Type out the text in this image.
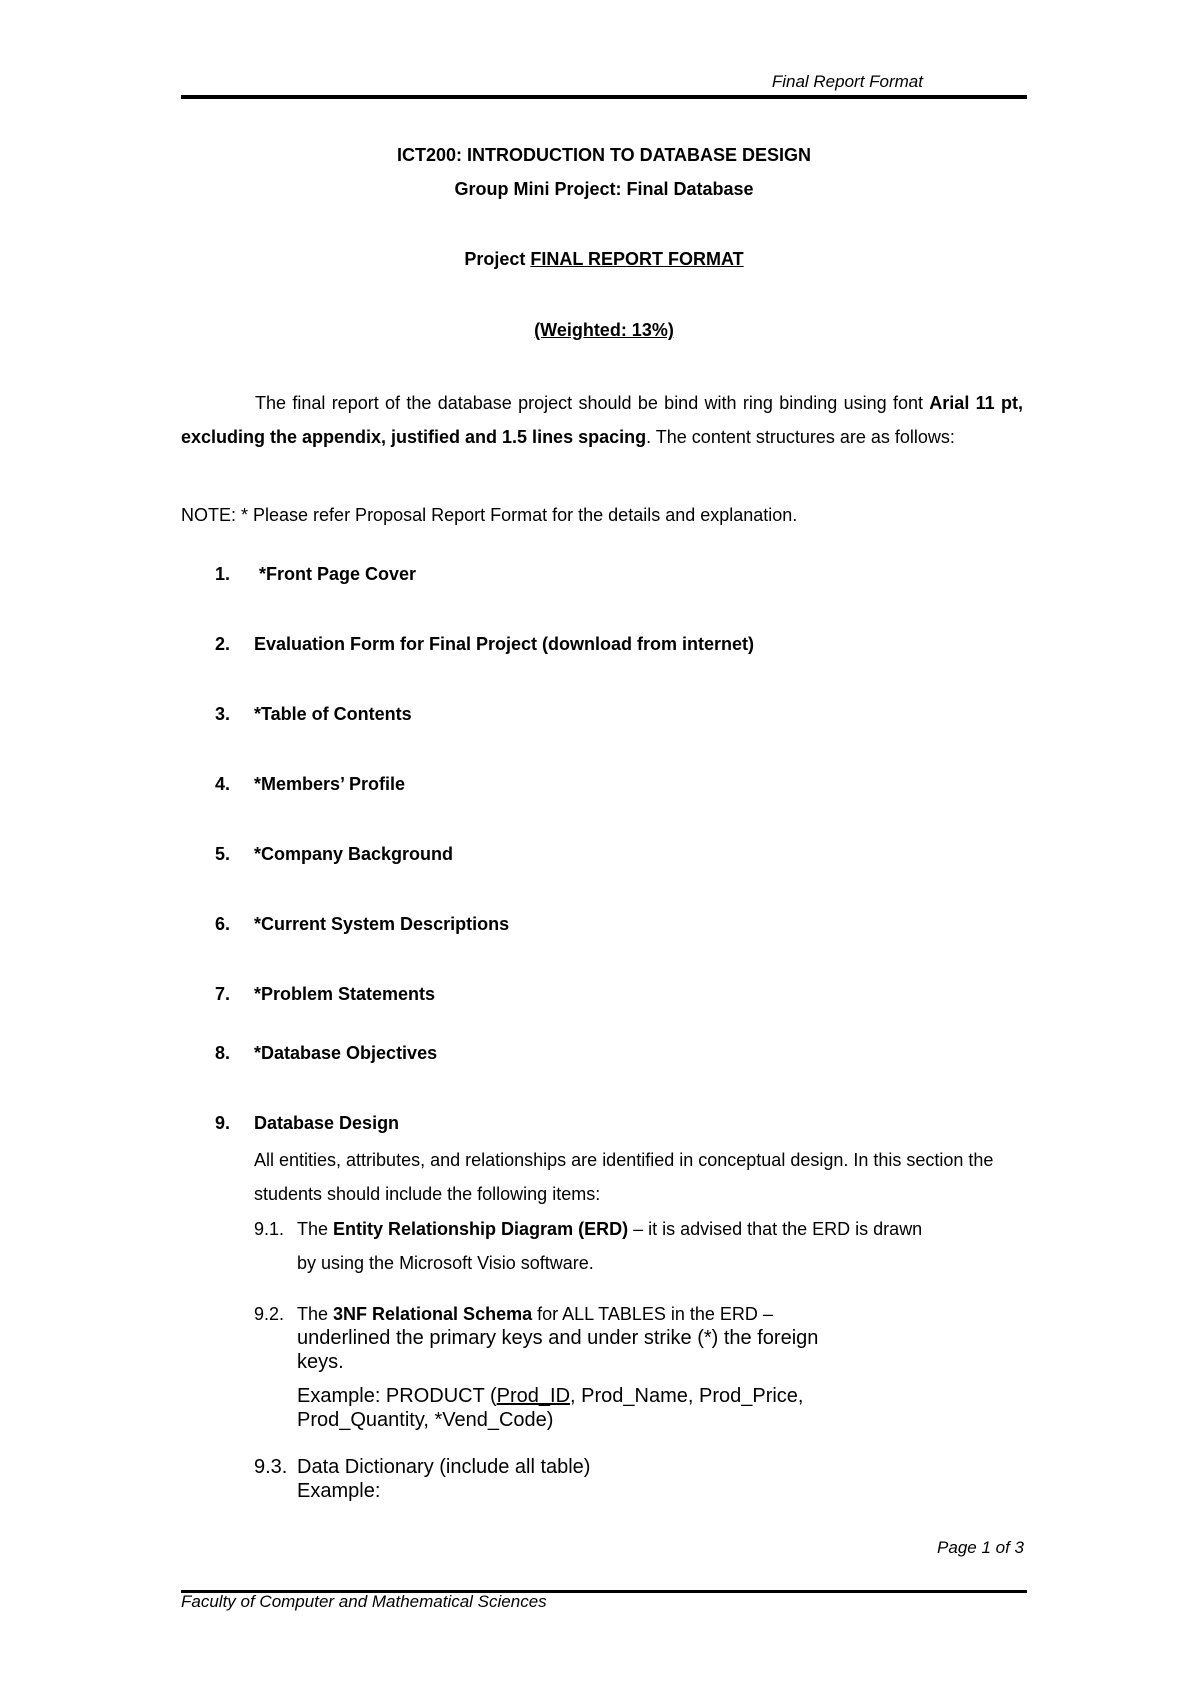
Final Report Format
ICT200: INTRODUCTION TO DATABASE DESIGN
Group Mini Project: Final Database
Project FINAL REPORT FORMAT
(Weighted: 13%)
The final report of the database project should be bind with ring binding using font Arial 11 pt, excluding the appendix, justified and 1.5 lines spacing. The content structures are as follows:
NOTE: * Please refer Proposal Report Format for the details and explanation.
1. *Front Page Cover
2. Evaluation Form for Final Project (download from internet)
3. *Table of Contents
4. *Members’ Profile
5. *Company Background
6. *Current System Descriptions
7. *Problem Statements
8. *Database Objectives
9. Database Design
All entities, attributes, and relationships are identified in conceptual design. In this section the students should include the following items:
9.1. The Entity Relationship Diagram (ERD) – it is advised that the ERD is drawn
by using the Microsoft Visio software.
9.2. The 3NF Relational Schema for ALL TABLES in the ERD –
underlined the primary keys and under strike (*) the foreign
keys.
Example: PRODUCT (Prod_ID, Prod_Name, Prod_Price,
Prod_Quantity, *Vend_Code)
9.3. Data Dictionary (include all table)
Example:
Page 1 of 3
Faculty of Computer and Mathematical Sciences
